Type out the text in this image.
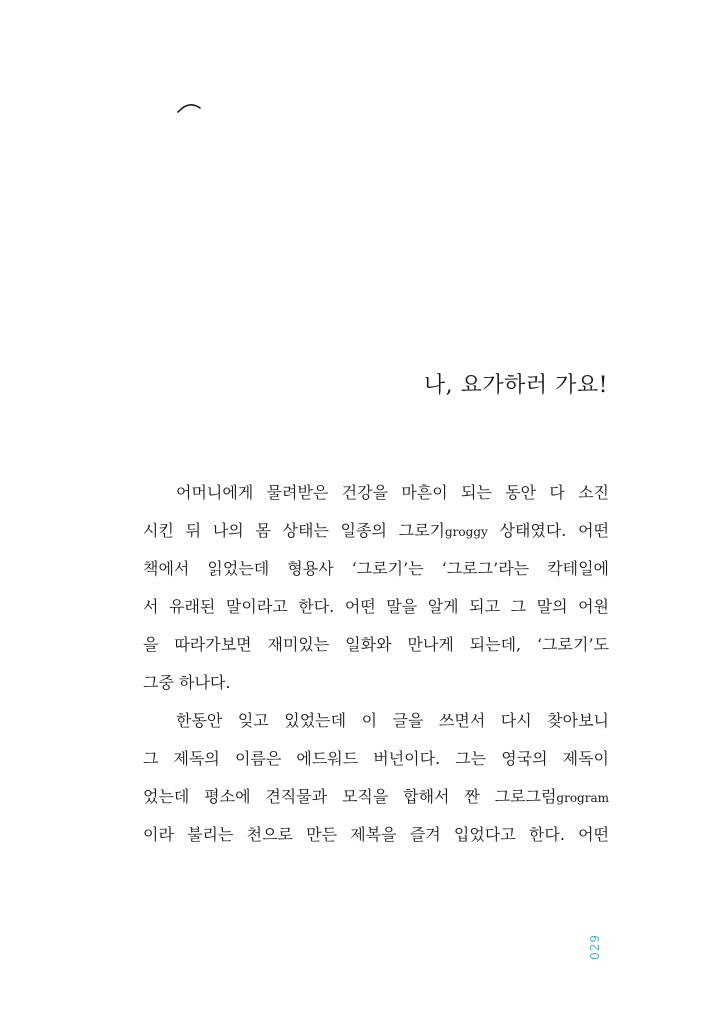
나, 요가하러 가요!
어머니에게 물려받은 건강을 마흔이 되는 동안 다 소진
시킨 뒤 나의 몸 상태는 일종의 그로기groggy 상태였다. 어떤
책에서 읽었는데 형용사 ‘그로기’는 ‘그로그’라는 칵테일에
서 유래된 말이라고 한다. 어떤 말을 알게 되고 그 말의 어원
을 따라가보면 재미있는 일화와 만나게 되는데, ‘그로기’도
그중 하나다.
한동안 잊고 있었는데 이 글을 쓰면서 다시 찾아보니
그 제독의 이름은 에드워드 버넌이다. 그는 영국의 제독이
었는데 평소에 견직물과 모직을 합해서 짠 그로그럼grogram
이라 불리는 천으로 만든 제복을 즐겨 입었다고 한다. 어떤
029
